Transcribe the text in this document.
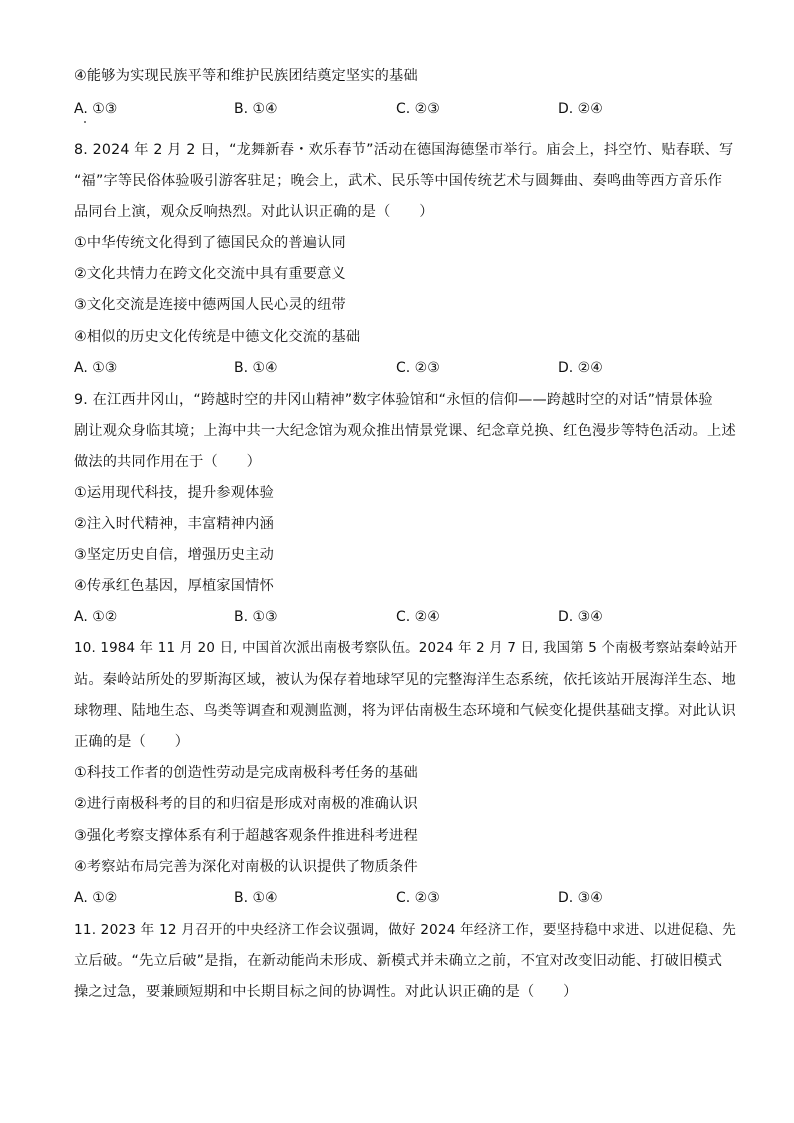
④能够为实现民族平等和维护民族团结奠定坚实的基础
A. ①③	B. ①④	C. ②③	D. ②④
8. 2024 年 2 月 2 日，“龙舞新春・欢乐春节”活动在德国海德堡市举行。庙会上，抖空竹、贴春联、写
“福”字等民俗体验吸引游客驻足；晚会上，武术、民乐等中国传统艺术与圆舞曲、奏鸣曲等西方音乐作
品同台上演，观众反响热烈。对此认识正确的是（　　）
①中华传统文化得到了德国民众的普遍认同
②文化共情力在跨文化交流中具有重要意义
③文化交流是连接中德两国人民心灵的纽带
④相似的历史文化传统是中德文化交流的基础
A. ①③	B. ①④	C. ②③	D. ②④
9. 在江西井冈山，“跨越时空的井冈山精神”数字体验馆和“永恒的信仰——跨越时空的对话”情景体验
剧让观众身临其境；上海中共一大纪念馆为观众推出情景党课、纪念章兑换、红色漫步等特色活动。上述
做法的共同作用在于（　　）
①运用现代科技，提升参观体验
②注入时代精神，丰富精神内涵
③坚定历史自信，增强历史主动
④传承红色基因，厚植家国情怀
A. ①②	B. ①③	C. ②④	D. ③④
10. 1984 年 11 月 20 日, 中国首次派出南极考察队伍。2024 年 2 月 7 日, 我国第 5 个南极考察站秦岭站开
站。秦岭站所处的罗斯海区域，被认为保存着地球罕见的完整海洋生态系统，依托该站开展海洋生态、地
球物理、陆地生态、鸟类等调查和观测监测，将为评估南极生态环境和气候变化提供基础支撑。对此认识
正确的是（　　）
①科技工作者的创造性劳动是完成南极科考任务的基础
②进行南极科考的目的和归宿是形成对南极的准确认识
③强化考察支撑体系有利于超越客观条件推进科考进程
④考察站布局完善为深化对南极的认识提供了物质条件
A. ①②	B. ①④	C. ②③	D. ③④
11. 2023 年 12 月召开的中央经济工作会议强调，做好 2024 年经济工作，要坚持稳中求进、以进促稳、先
立后破。“先立后破”是指，在新动能尚未形成、新模式并未确立之前，不宜对改变旧动能、打破旧模式
操之过急，要兼顾短期和中长期目标之间的协调性。对此认识正确的是（　　）
